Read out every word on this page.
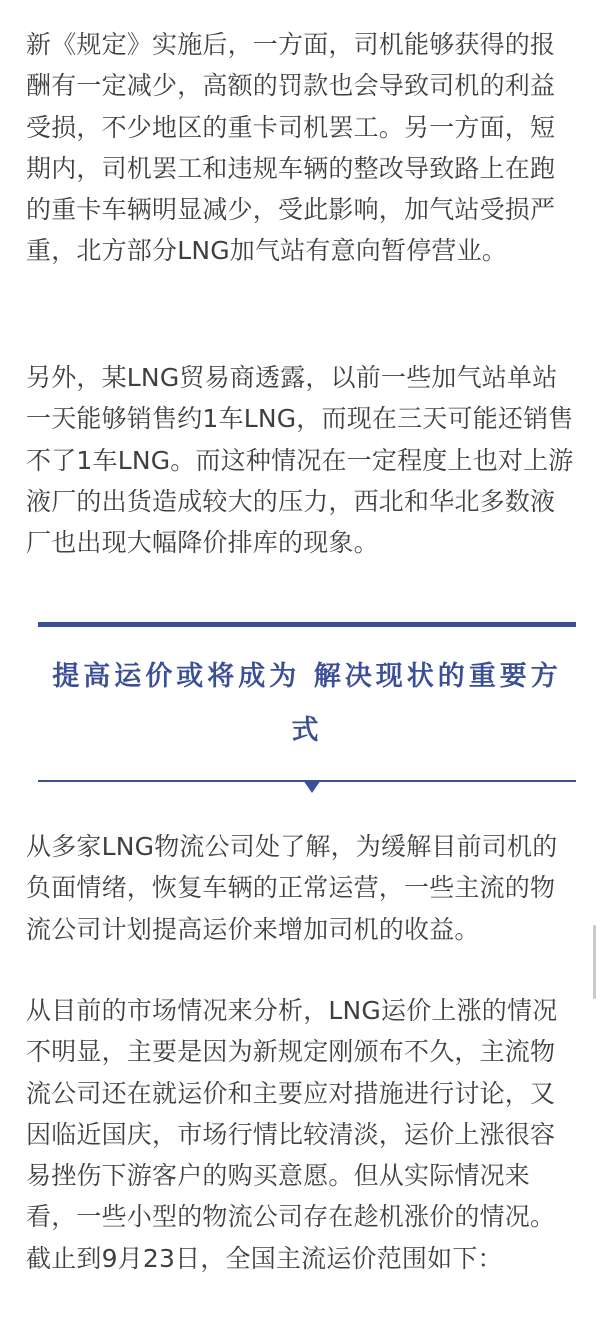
新《规定》实施后，一方面，司机能够获得的报酬有一定减少，高额的罚款也会导致司机的利益受损，不少地区的重卡司机罢工。另一方面，短期内，司机罢工和违规车辆的整改导致路上在跑的重卡车辆明显减少，受此影响，加气站受损严重，北方部分LNG加气站有意向暂停营业。

另外，某LNG贸易商透露，以前一些加气站单站一天能够销售约1车LNG，而现在三天可能还销售不了1车LNG。而这种情况在一定程度上也对上游液厂的出货造成较大的压力，西北和华北多数液厂也出现大幅降价排库的现象。

提高运价或将成为 解决现状的重要方式

从多家LNG物流公司处了解，为缓解目前司机的负面情绪，恢复车辆的正常运营，一些主流的物流公司计划提高运价来增加司机的收益。

从目前的市场情况来分析，LNG运价上涨的情况不明显，主要是因为新规定刚颁布不久，主流物流公司还在就运价和主要应对措施进行讨论，又因临近国庆，市场行情比较清淡，运价上涨很容易挫伤下游客户的购买意愿。但从实际情况来看，一些小型的物流公司存在趁机涨价的情况。截止到9月23日，全国主流运价范围如下：
